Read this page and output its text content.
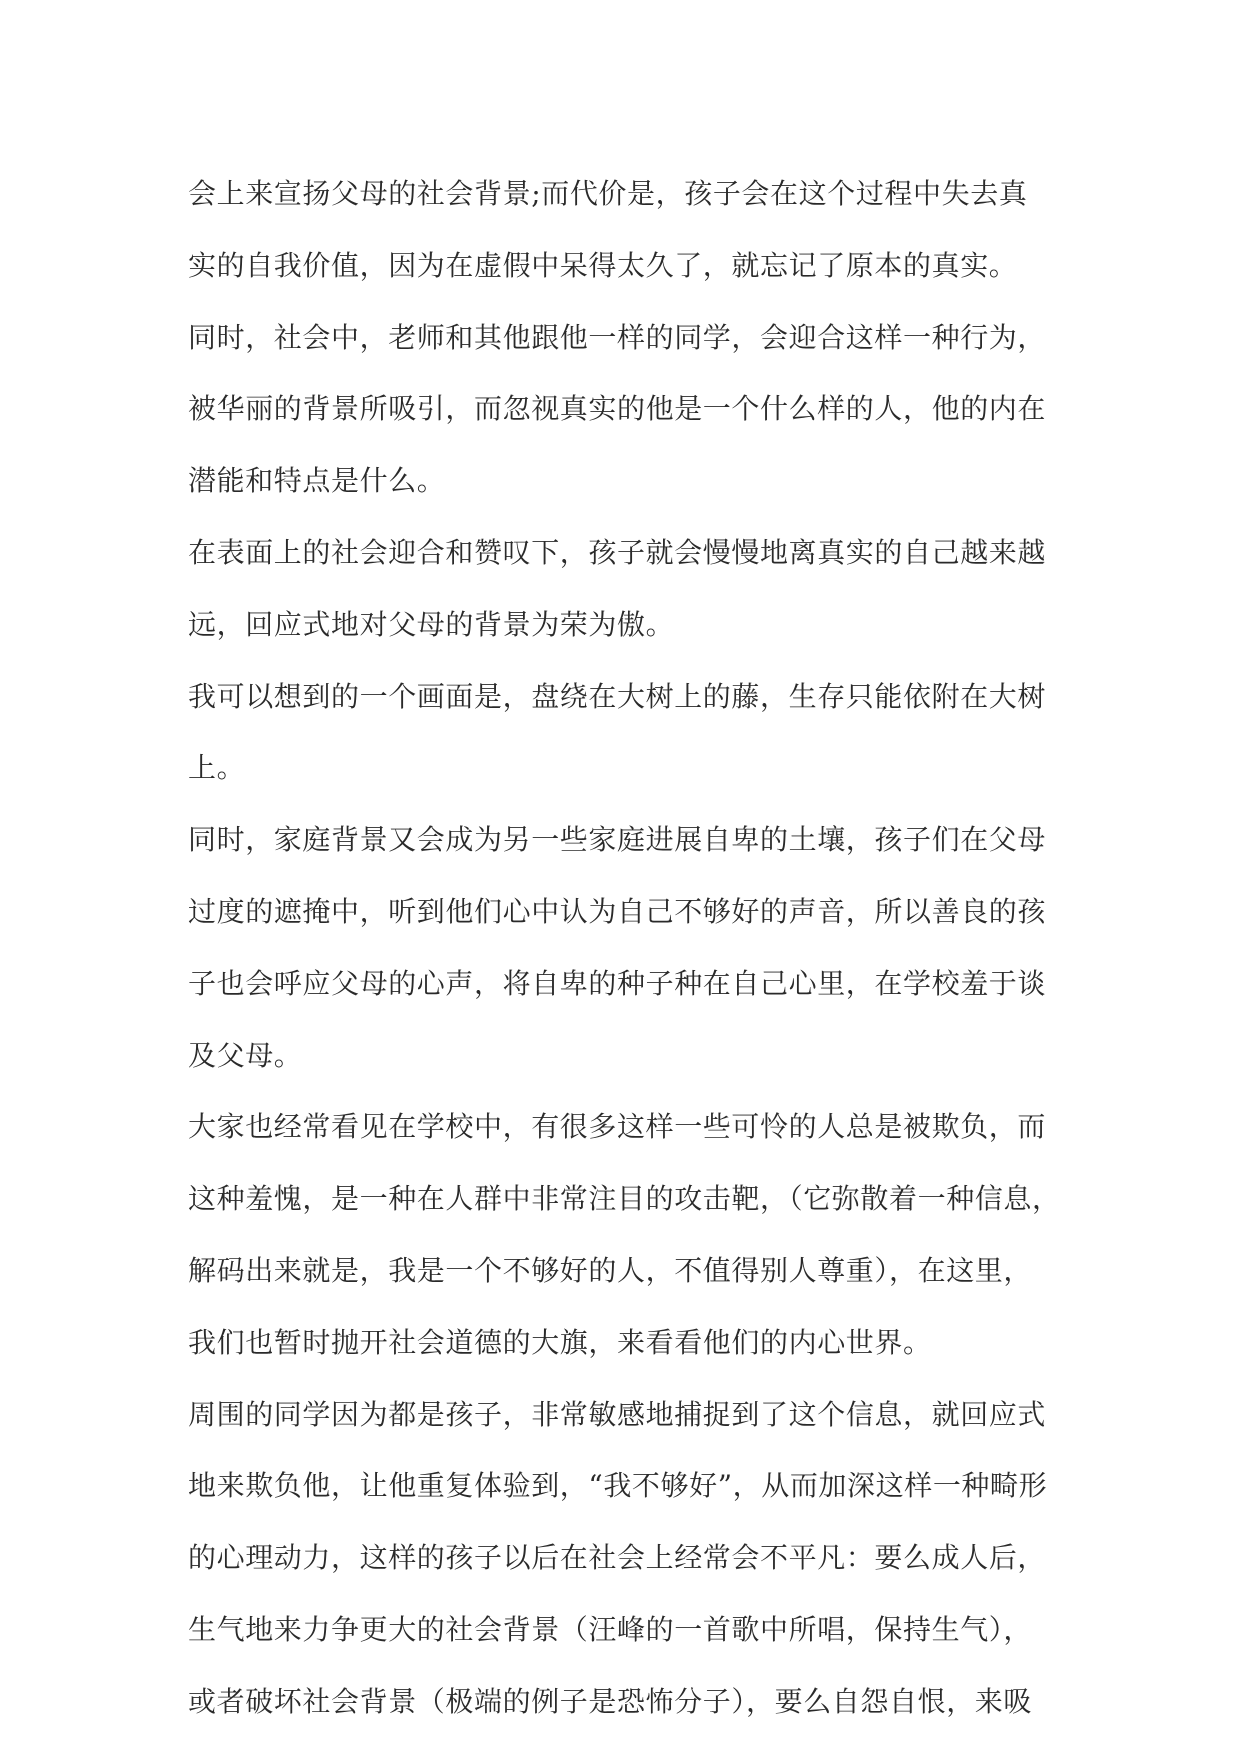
会上来宣扬父母的社会背景;而代价是，孩子会在这个过程中失去真
实的自我价值，因为在虚假中呆得太久了，就忘记了原本的真实。
同时，社会中，老师和其他跟他一样的同学，会迎合这样一种行为，
被华丽的背景所吸引，而忽视真实的他是一个什么样的人，他的内在
潜能和特点是什么。
在表面上的社会迎合和赞叹下，孩子就会慢慢地离真实的自己越来越
远，回应式地对父母的背景为荣为傲。
我可以想到的一个画面是，盘绕在大树上的藤，生存只能依附在大树
上。
同时，家庭背景又会成为另一些家庭进展自卑的土壤，孩子们在父母
过度的遮掩中，听到他们心中认为自己不够好的声音，所以善良的孩
子也会呼应父母的心声，将自卑的种子种在自己心里，在学校羞于谈
及父母。
大家也经常看见在学校中，有很多这样一些可怜的人总是被欺负，而
这种羞愧，是一种在人群中非常注目的攻击靶，（它弥散着一种信息，
解码出来就是，我是一个不够好的人，不值得别人尊重），在这里，
我们也暂时抛开社会道德的大旗，来看看他们的内心世界。
周围的同学因为都是孩子，非常敏感地捕捉到了这个信息，就回应式
地来欺负他，让他重复体验到，“我不够好”，从而加深这样一种畸形
的心理动力，这样的孩子以后在社会上经常会不平凡：要么成人后，
生气地来力争更大的社会背景（汪峰的一首歌中所唱，保持生气），
或者破坏社会背景（极端的例子是恐怖分子），要么自怨自恨，来吸
